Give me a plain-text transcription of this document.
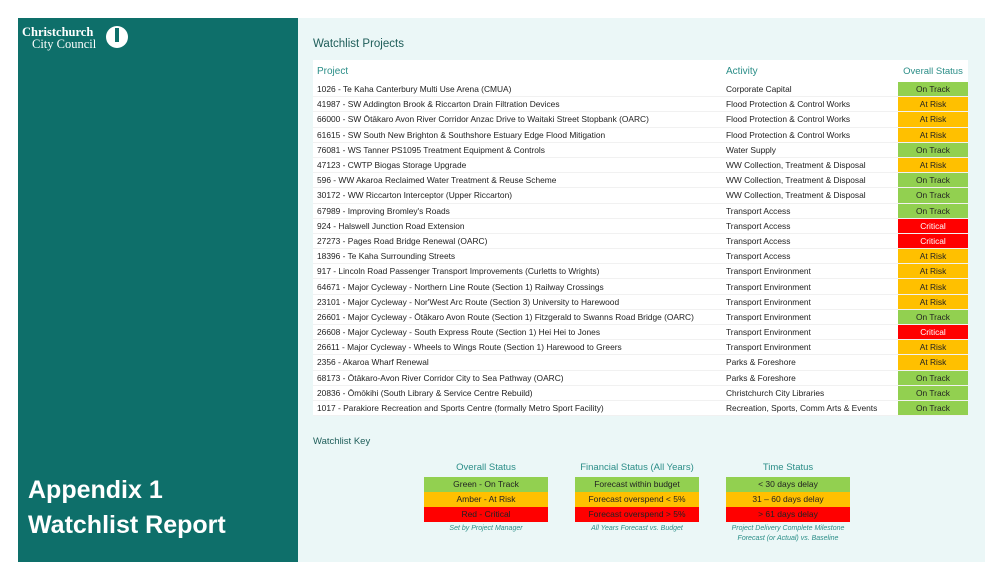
Christchurch
City Council
Appendix 1
Watchlist Report
Watchlist Projects
Project	Activity	Overall Status
1026 - Te Kaha Canterbury Multi Use Arena (CMUA)	Corporate Capital	On Track
41987 - SW Addington Brook & Riccarton Drain Filtration Devices	Flood Protection & Control Works	At Risk
66000 - SW Ōtākaro Avon River Corridor Anzac Drive to Waitaki Street Stopbank (OARC)	Flood Protection & Control Works	At Risk
61615 - SW South New Brighton & Southshore Estuary Edge Flood Mitigation	Flood Protection & Control Works	At Risk
76081 - WS Tanner PS1095 Treatment Equipment & Controls	Water Supply	On Track
47123 - CWTP Biogas Storage Upgrade	WW Collection, Treatment & Disposal	At Risk
596 - WW Akaroa Reclaimed Water Treatment & Reuse Scheme	WW Collection, Treatment & Disposal	On Track
30172 - WW Riccarton Interceptor (Upper Riccarton)	WW Collection, Treatment & Disposal	On Track
67989 - Improving Bromley's Roads	Transport Access	On Track
924 - Halswell Junction Road Extension	Transport Access	Critical
27273 - Pages Road Bridge Renewal (OARC)	Transport Access	Critical
18396 - Te Kaha Surrounding Streets	Transport Access	At Risk
917 - Lincoln Road Passenger Transport Improvements (Curletts to Wrights)	Transport Environment	At Risk
64671 - Major Cycleway - Northern Line Route (Section 1) Railway Crossings	Transport Environment	At Risk
23101 - Major Cycleway - Nor'West Arc Route (Section 3) University to Harewood	Transport Environment	At Risk
26601 - Major Cycleway - Ōtākaro Avon Route (Section 1) Fitzgerald to Swanns Road Bridge (OARC)	Transport Environment	On Track
26608 - Major Cycleway - South Express Route (Section 1) Hei Hei to Jones	Transport Environment	Critical
26611 - Major Cycleway - Wheels to Wings Route (Section 1) Harewood to Greers	Transport Environment	At Risk
2356 - Akaroa Wharf Renewal	Parks & Foreshore	At Risk
68173 - Ōtākaro-Avon River Corridor City to Sea Pathway (OARC)	Parks & Foreshore	On Track
20836 - Ōmōkihi (South Library & Service Centre Rebuild)	Christchurch City Libraries	On Track
1017 - Parakiore Recreation and Sports Centre (formally Metro Sport Facility)	Recreation, Sports, Comm Arts & Events	On Track
Watchlist Key
Overall Status
Green - On Track
Amber - At Risk
Red - Critical
Set by Project Manager
Financial Status (All Years)
Forecast within budget
Forecast overspend < 5%
Forecast overspend > 5%
All Years Forecast vs. Budget
Time Status
< 30 days delay
31 – 60 days delay
> 61 days delay
Project Delivery Complete Milestone Forecast (or Actual) vs. Baseline
